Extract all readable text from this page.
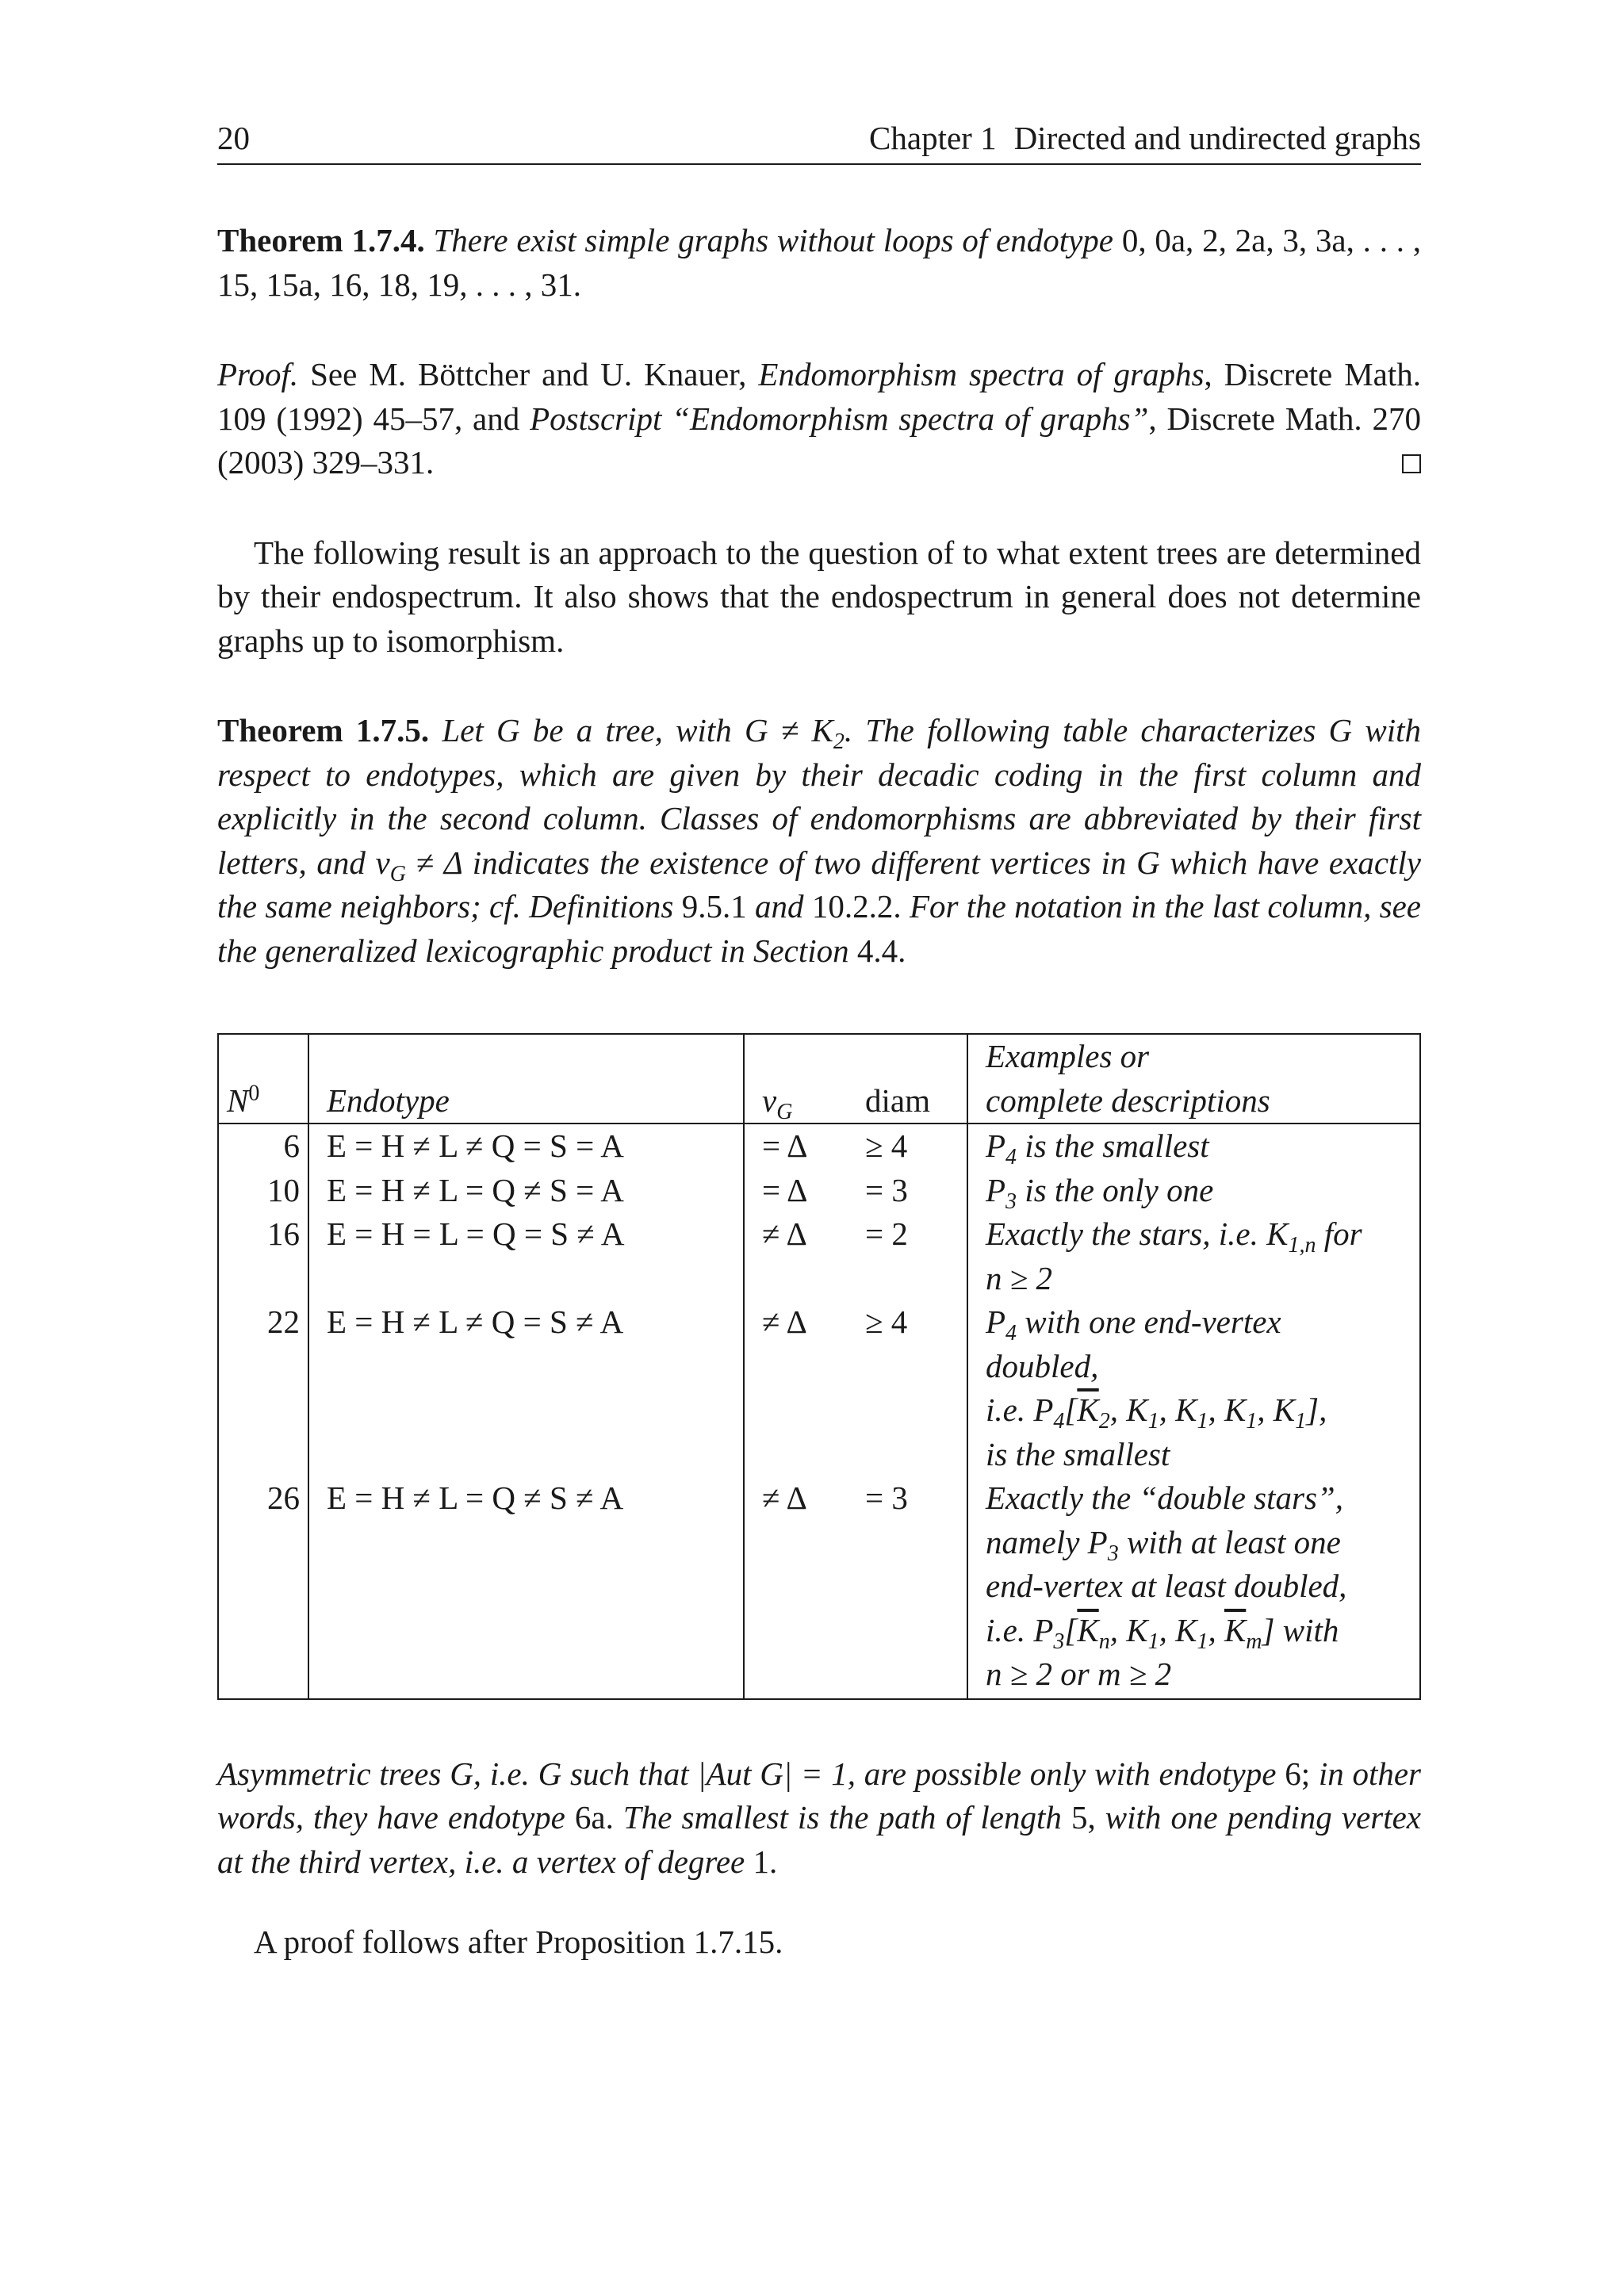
20	Chapter 1 Directed and undirected graphs
Theorem 1.7.4. There exist simple graphs without loops of endotype 0, 0a, 2, 2a, 3, 3a, . . . , 15, 15a, 16, 18, 19, . . . , 31.
Proof. See M. Böttcher and U. Knauer, Endomorphism spectra of graphs, Discrete Math. 109 (1992) 45–57, and Postscript “Endomorphism spectra of graphs”, Discrete Math. 270 (2003) 329–331.
The following result is an approach to the question of to what extent trees are determined by their endospectrum. It also shows that the endospectrum in general does not determine graphs up to isomorphism.
Theorem 1.7.5. Let G be a tree, with $G \ne K_2$. The following table characterizes G with respect to endotypes, which are given by their decadic coding in the first column and explicitly in the second column. Classes of endomorphisms are abbreviated by their first letters, and $\nu_G \ne \Delta$ indicates the existence of two different vertices in G which have exactly the same neighbors; cf. Definitions 9.5.1 and 10.2.2. For the notation in the last column, see the generalized lexicographic product in Section 4.4.
$N^0$	Endotype	$\nu_G$	diam	Examples or
complete descriptions

6	E = H ≠ L ≠ Q = S = A	= Δ	≥ 4	$P_4$ is the smallest
10	E = H ≠ L = Q ≠ S = A	= Δ	= 3	$P_3$ is the only one
16	E = H = L = Q = S ≠ A	≠ Δ	= 2	Exactly the stars, i.e. $K_{1,n}$ for
n ≥ 2

22	E = H ≠ L ≠ Q = S ≠ A	≠ Δ	≥ 4	$P_4$ with one end-vertex
doubled,
i.e. $P_4[\overline{K}_2$, $K_1$, $K_1$, $K_1$, $K_1$],
is the smallest

26	E = H ≠ L = Q ≠ S ≠ A	≠ Δ	= 3	Exactly the “double stars”,
namely $P_3$ with at least one
end-vertex at least doubled,
i.e. $P_3[\overline{K}_n$, $K_1$, $K_1$, $\overline{K}_m$] with
n ≥ 2 or m ≥ 2
Asymmetric trees G, i.e. G such that |Aut G| = 1, are possible only with endotype 6; in other words, they have endotype 6a. The smallest is the path of length 5, with one pending vertex at the third vertex, i.e. a vertex of degree 1.
A proof follows after Proposition 1.7.15.
